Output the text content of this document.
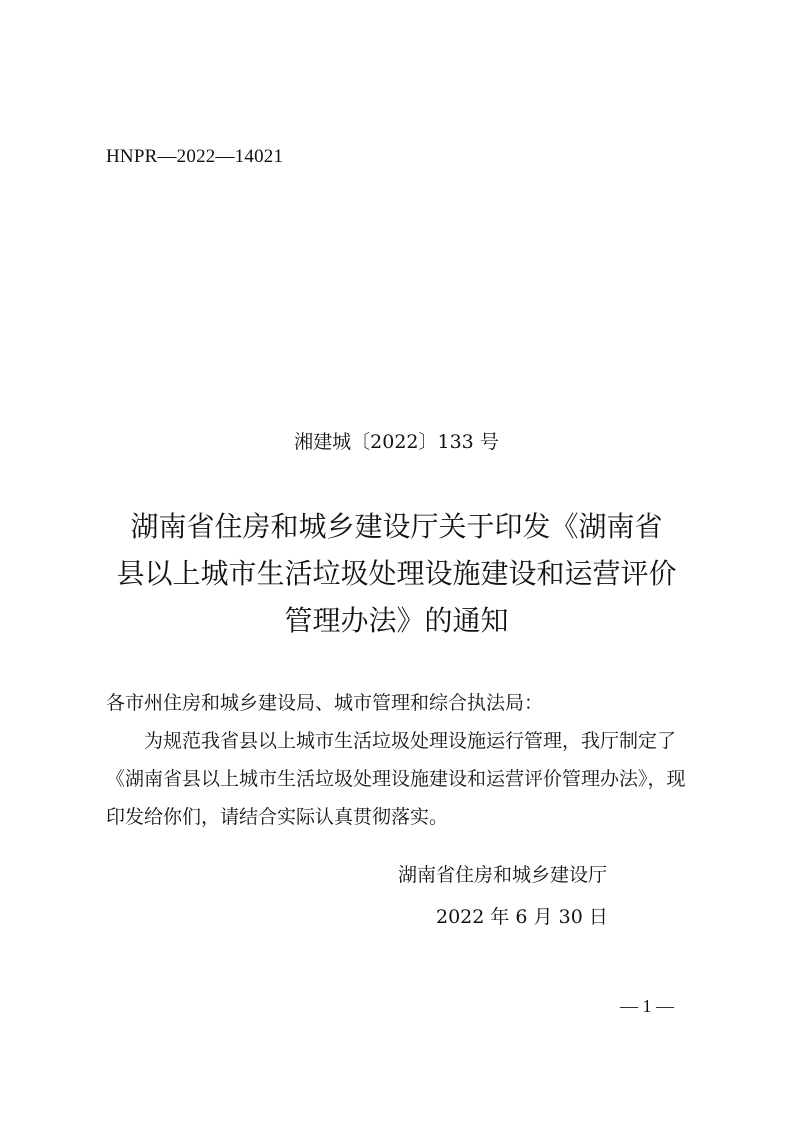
HNPR—2022—14021
湘建城〔2022〕133 号
湖南省住房和城乡建设厅关于印发《湖南省
县以上城市生活垃圾处理设施建设和运营评价
管理办法》的通知

各市州住房和城乡建设局、城市管理和综合执法局：

为规范我省县以上城市生活垃圾处理设施运行管理，我厅制定了《湖南省县以上城市生活垃圾处理设施建设和运营评价管理办法》，现印发给你们，请结合实际认真贯彻落实。

湖南省住房和城乡建设厅
2022 年 6 月 30 日
— 1 —
